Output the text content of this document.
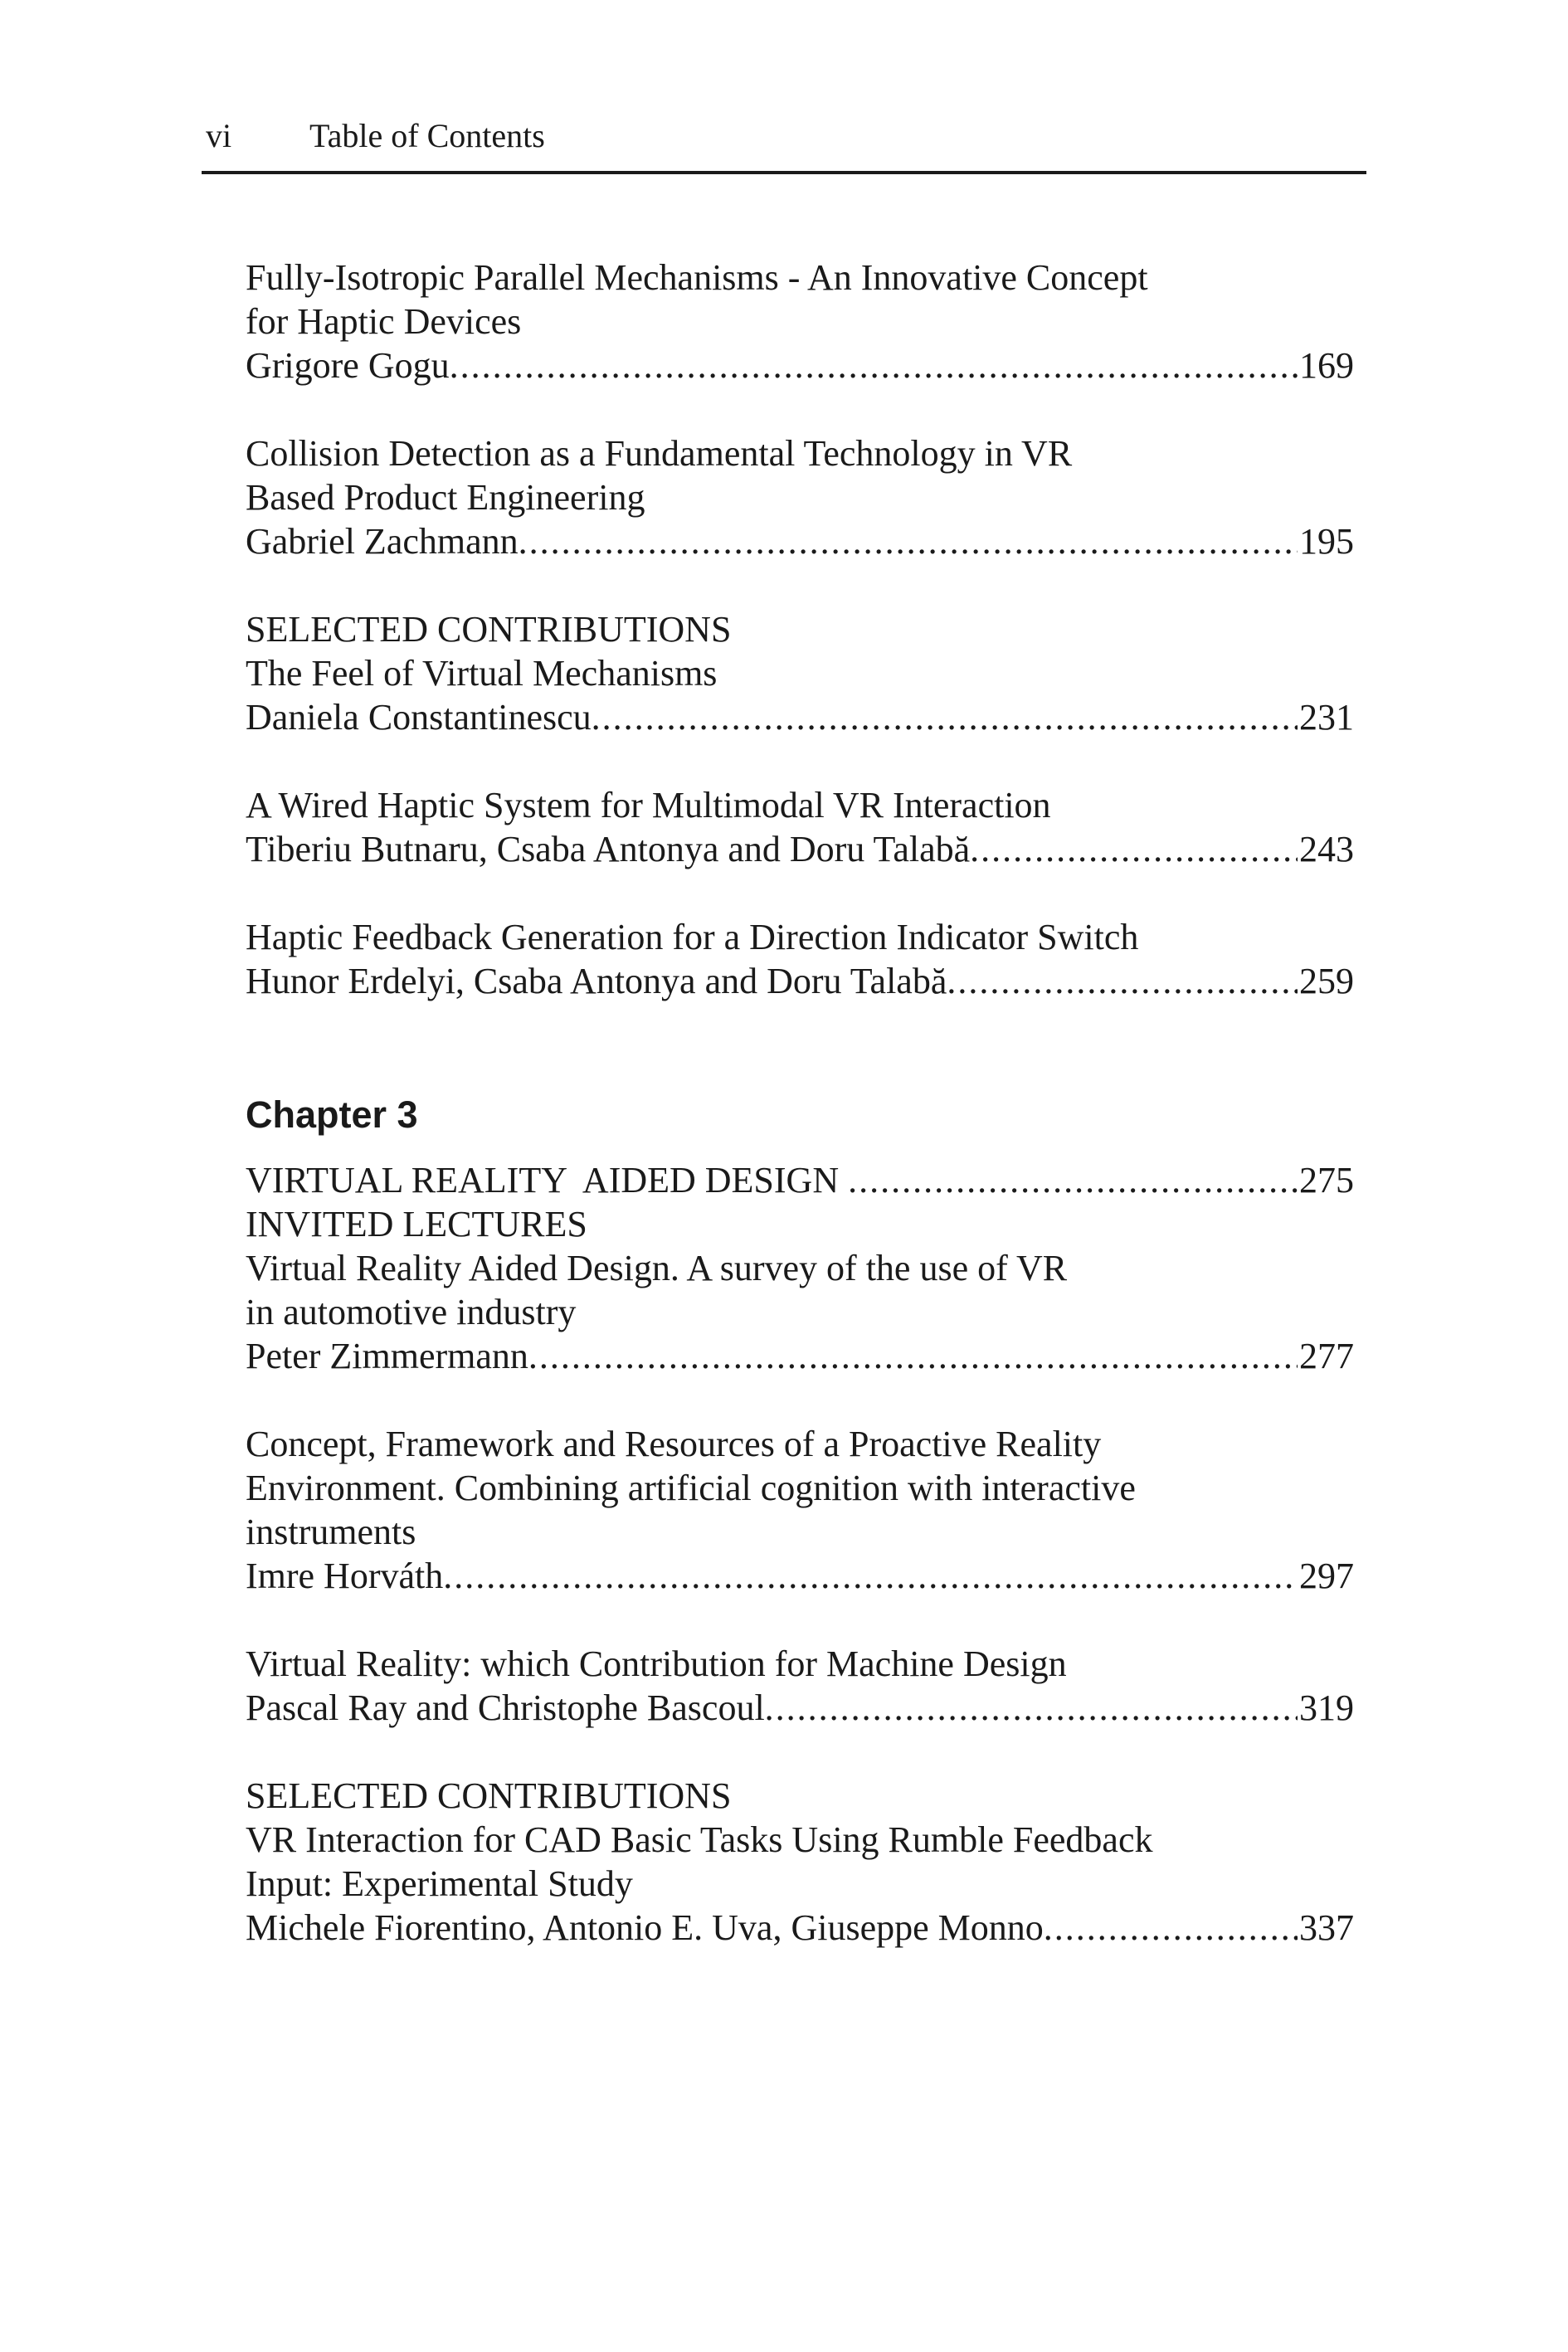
vi Table of Contents
Fully-Isotropic Parallel Mechanisms - An Innovative Concept
for Haptic Devices
Grigore Gogu .....	169
Collision Detection as a Fundamental Technology in VR
Based Product Engineering
Gabriel Zachmann .....	195
SELECTED CONTRIBUTIONS
The Feel of Virtual Mechanisms
Daniela Constantinescu .....	231
A Wired Haptic System for Multimodal VR Interaction
Tiberiu Butnaru, Csaba Antonya and Doru Talabă .....	243
Haptic Feedback Generation for a Direction Indicator Switch
Hunor Erdelyi, Csaba Antonya and Doru Talabă .....	259
Chapter 3
VIRTUAL REALITY  AIDED DESIGN .....	275
INVITED LECTURES
Virtual Reality Aided Design. A survey of the use of VR
in automotive industry
Peter Zimmermann .....	277
Concept, Framework and Resources of a Proactive Reality
Environment. Combining artificial cognition with interactive
instruments
Imre Horváth .....	297
Virtual Reality: which Contribution for Machine Design
Pascal Ray and Christophe Bascoul .....	319
SELECTED CONTRIBUTIONS
VR Interaction for CAD Basic Tasks Using Rumble Feedback
Input: Experimental Study
Michele Fiorentino, Antonio E. Uva, Giuseppe Monno .....	337
